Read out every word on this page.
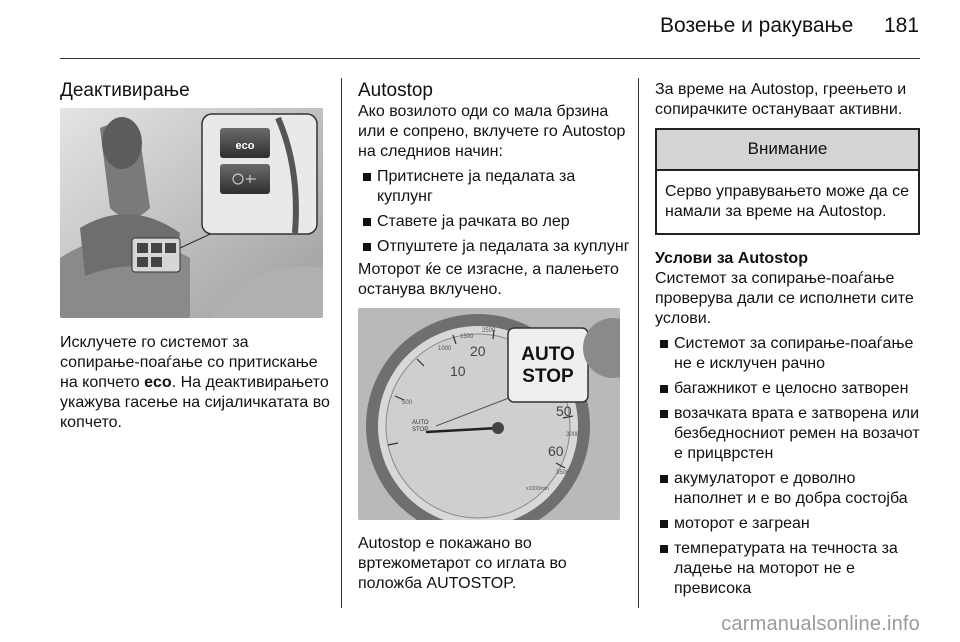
Возење и ракување 181
Деактивирање
eco

Исклучете го системот за сопирање-поаѓање со притискање на копчето eco. На деактивирањето укажува гасење на сијаличкатата во копчето.

Autostop

Ако возилото оди со мала брзина или е сопрено, вклучете го Autostop на следниов начин:

Притиснете ја педалата за куплунг
Ставете ја рачката во лер
Отпуштете ја педалата за куплунг

Моторот ќе се изгасне, а палењето останува вклучено.

10
20
50
60
500
1000
1500
2500
3000
3500
x1000/min
AUTO
STOP
AUTO
STOP

Autostop е покажано во вртежометарот со иглата во положба AUTOSTOP.

За време на Autostop, греењето и сопирачките остануваат активни.

Внимание
Серво управувањето може да се намали за време на Autostop.
Услови за Autostop

Системот за сопирање-поаѓање проверува дали се исполнети сите услови.

Системот за сопирање-поаѓање не е исклучен рачно
багажникот е целосно затворен
возачката врата е затворена или безбедносниот ремен на возачот е прицврстен
акумулаторот е доволно наполнет и е во добра состојба
моторот е загреан
температурата на течноста за ладење на моторот не е превисока
carmanualsonline.info
